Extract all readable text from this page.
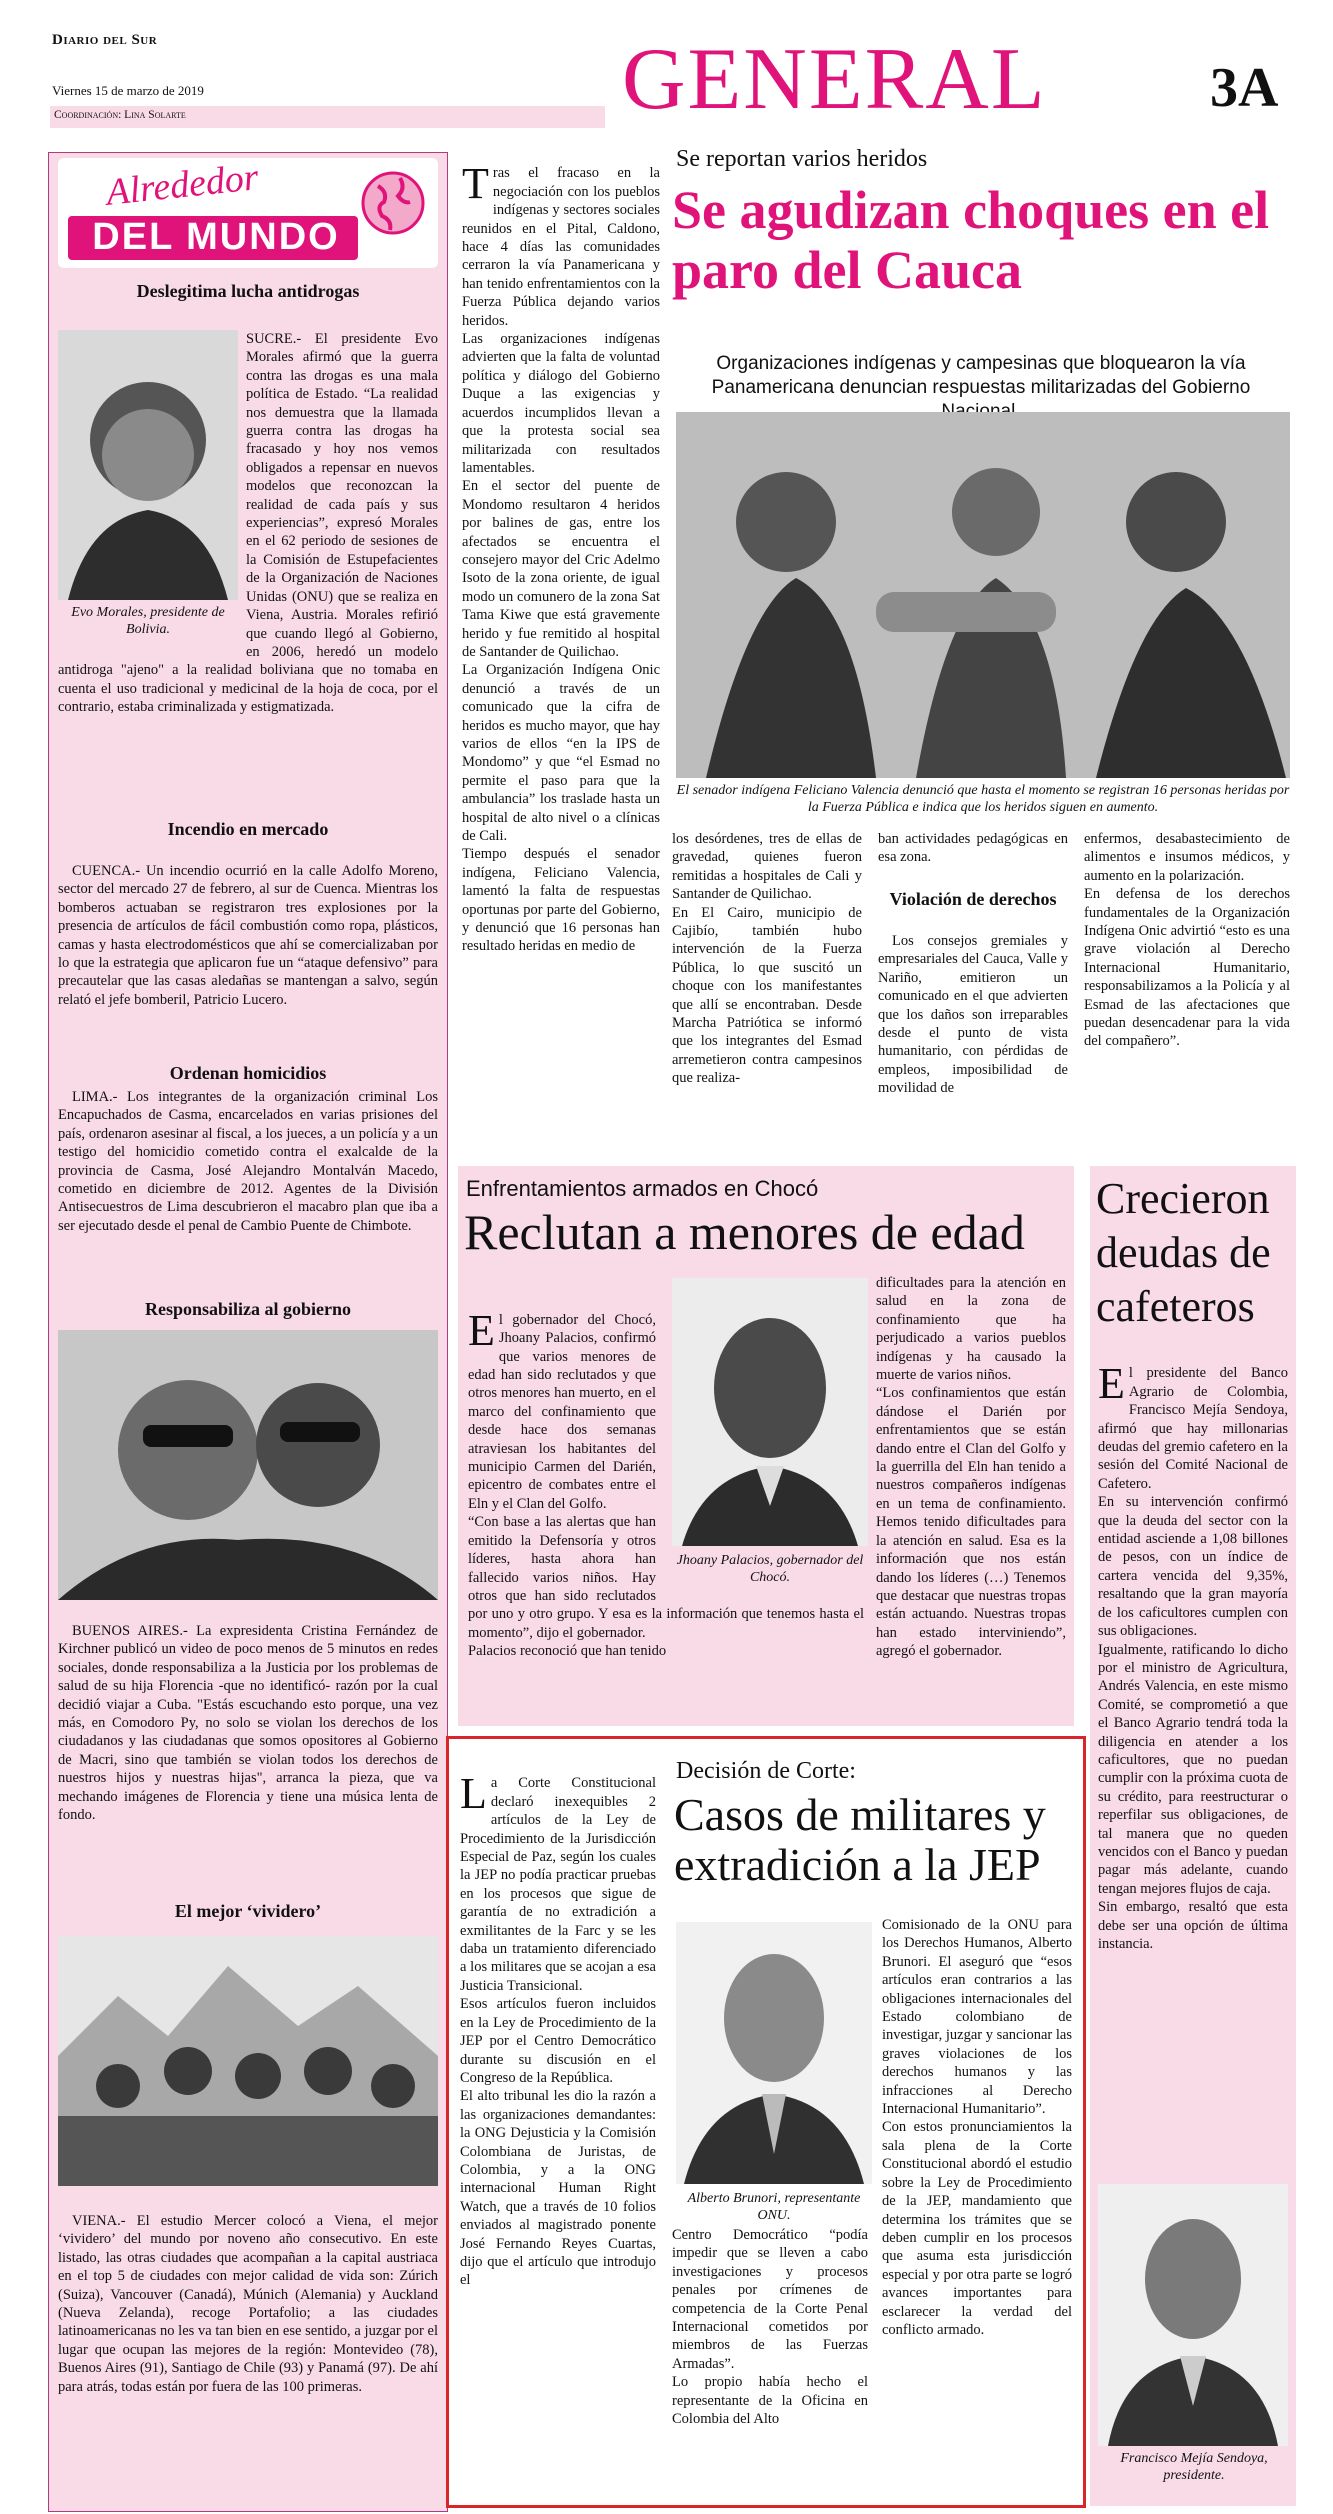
Diario del Sur
Viernes 15 de marzo de 2019
Coordinación: Lina Solarte	GENERAL	3A
Alrededor
DEL MUNDO
Deslegitima lucha antidrogas
Evo Morales, presidente de Bolivia.
SUCRE.- El presidente Evo Morales afirmó que la guerra contra las drogas es una mala política de Estado. “La realidad nos demuestra que la llamada guerra contra las drogas ha fracasado y hoy nos vemos obligados a repensar en nuevos modelos que reconozcan la realidad de cada país y sus experiencias”, expresó Morales en el 62 periodo de sesiones de la Comisión de Estupefacientes de la Organización de Naciones Unidas (ONU) que se realiza en Viena, Austria. Morales refirió que cuando llegó al Gobierno, en 2006, heredó un modelo antidroga "ajeno" a la realidad boliviana que no tomaba en cuenta el uso tradicional y medicinal de la hoja de coca, por el contrario, estaba criminalizada y estigmatizada.
Incendio en mercado
CUENCA.- Un incendio ocurrió en la calle Adolfo Moreno, sector del mercado 27 de febrero, al sur de Cuenca. Mientras los bomberos actuaban se registraron tres explosiones por la presencia de artículos de fácil combustión como ropa, plásticos, camas y hasta electrodomésticos que ahí se comercializaban por lo que la estrategia que aplicaron fue un “ataque defensivo” para precautelar que las casas aledañas se mantengan a salvo, según relató el jefe bomberil, Patricio Lucero.
Ordenan homicidios
LIMA.- Los integrantes de la organización criminal Los Encapuchados de Casma, encarcelados en varias prisiones del país, ordenaron asesinar al fiscal, a los jueces, a un policía y a un testigo del homicidio cometido contra el exalcalde de la provincia de Casma, José Alejandro Montalván Macedo, cometido en diciembre de 2012. Agentes de la División Antisecuestros de Lima descubrieron el macabro plan que iba a ser ejecutado desde el penal de Cambio Puente de Chimbote.
Responsabiliza al gobierno
BUENOS AIRES.- La expresidenta Cristina Fernández de Kirchner publicó un video de poco menos de 5 minutos en redes sociales, donde responsabiliza a la Justicia por los problemas de salud de su hija Florencia -que no identificó- razón por la cual decidió viajar a Cuba. "Estás escuchando esto porque, una vez más, en Comodoro Py, no solo se violan los derechos de los ciudadanos y las ciudadanas que somos opositores al Gobierno de Macri, sino que también se violan todos los derechos de nuestros hijos y nuestras hijas", arranca la pieza, que va mechando imágenes de Florencia y tiene una música lenta de fondo.
El mejor ‘vividero’
VIENA.- El estudio Mercer colocó a Viena, el mejor ‘vividero’ del mundo por noveno año consecutivo. En este listado, las otras ciudades que acompañan a la capital austriaca en el top 5 de ciudades con mejor calidad de vida son: Zúrich (Suiza), Vancouver (Canadá), Múnich (Alemania) y Auckland (Nueva Zelanda), recoge Portafolio; a las ciudades latinoamericanas no les va tan bien en ese sentido, a juzgar por el lugar que ocupan las mejores de la región: Montevideo (78), Buenos Aires (91), Santiago de Chile (93) y Panamá (97). De ahí para atrás, todas están por fuera de las 100 primeras.
Se reportan varios heridos
Se agudizan choques en el paro del Cauca
Organizaciones indígenas y campesinas que bloquearon la vía Panamericana denuncian respuestas militarizadas del Gobierno
El senador indígena Feliciano Valencia denunció que hasta el momento se registran 16 personas heridas por la Fuerza Pública e indica que los heridos siguen en aumento.

Tras el fracaso en la negociación con los pueblos indígenas y sectores sociales reunidos en el Pital, Caldono, hace 4 días las comunidades cerraron la vía Panamericana y han tenido enfrentamientos con la Fuerza Pública dejando varios heridos.
Las organizaciones indígenas advierten que la falta de voluntad política y diálogo del Gobierno Duque a las exigencias y acuerdos incumplidos llevan a que la protesta social sea militarizada con resultados lamentables.
En el sector del puente de Mondomo resultaron 4 heridos por balines de gas, entre los afectados se encuentra el consejero mayor del Cric Adelmo Isoto de la zona oriente, de igual modo un comunero de la zona Sat Tama Kiwe que está gravemente herido y fue remitido al hospital de Santander de Quilichao.
La Organización Indígena Onic denunció a través de un comunicado que la cifra de heridos es mucho mayor, que hay varios de ellos “en la IPS de Mondomo” y que “el Esmad no permite el paso para que la ambulancia” los traslade hasta un hospital de alto nivel o a clínicas de Cali.
Tiempo después el senador indígena, Feliciano Valencia, lamentó la falta de respuestas oportunas por parte del Gobierno, y denunció que 16 personas han resultado heridas en medio de

los desórdenes, tres de ellas de gravedad, quienes fueron remitidas a hospitales de Cali y Santander de Quilichao.
En El Cairo, municipio de Cajibío, también hubo intervención de la Fuerza Pública, lo que suscitó un choque con los manifestantes que allí se encontraban. Desde Marcha Patriótica se informó que los integrantes del Esmad arremetieron contra campesinos que realiza-
ban actividades pedagógicas en esa zona.
Violación de derechos
Los consejos gremiales y empresariales del Cauca, Valle y Nariño, emitieron un comunicado en el que advierten que los daños son irreparables desde el punto de vista humanitario, con pérdidas de empleos, imposibilidad de movilidad de
enfermos, desabastecimiento de alimentos e insumos médicos, y aumento en la polarización.
En defensa de los derechos fundamentales de la Organización Indígena Onic advirtió “esto es una grave violación al Derecho Internacional Humanitario, responsabilizamos a la Policía y al Esmad de las afectaciones que puedan desencadenar para la vida del compañero”.
Enfrentamientos armados en Chocó
Reclutan a menores de edad
Jhoany Palacios, gobernador del Chocó.

El gobernador del Chocó, Jhoany Palacios, confirmó que varios menores de edad han sido reclutados y que otros menores han muerto, en el marco del confinamiento que desde hace dos semanas atraviesan los habitantes del municipio Carmen del Darién, epicentro de combates entre el Eln y el Clan del Golfo.
“Con base a las alertas que han emitido la Defensoría y otros líderes, hasta ahora han fallecido varios niños. Hay otros que han sido reclutados por uno y otro grupo. Y esa es la información que tenemos hasta el momento”, dijo el gobernador.
Palacios reconoció que han tenido

dificultades para la atención en salud en la zona de confinamiento que ha perjudicado a varios pueblos indígenas y ha causado la muerte de varios niños.
“Los confinamientos que están dándose el Darién por enfrentamientos que se están dando entre el Clan del Golfo y la guerrilla del Eln han tenido a nuestros compañeros indígenas en un tema de confinamiento. Hemos tenido dificultades para la atención en salud. Esa es la información que nos están dando los líderes (…) Tenemos que destacar que nuestras tropas están actuando. Nuestras tropas han estado interviniendo”, agregó el gobernador.
Crecieron deudas de cafeteros

El presidente del Banco Agrario de Colombia, Francisco Mejía Sendoya, afirmó que hay millonarias deudas del gremio cafetero en la sesión del Comité Nacional de Cafetero.
En su intervención confirmó que la deuda del sector con la entidad asciende a 1,08 billones de pesos, con un índice de cartera vencida del 9,35%, resaltando que la gran mayoría de los caficultores cumplen con sus obligaciones.
Igualmente, ratificando lo dicho por el ministro de Agricultura, Andrés Valencia, en este mismo Comité, se comprometió a que el Banco Agrario tendrá toda la diligencia en atender a los caficultores, que no puedan cumplir con la próxima cuota de su crédito, para reestructurar o reperfilar sus obligaciones, de tal manera que no queden vencidos con el Banco y puedan pagar más adelante, cuando tengan mejores flujos de caja.
Sin embargo, resaltó que esta debe ser una opción de última instancia.

Francisco Mejía Sendoya, presidente.

La Corte Constitucional declaró inexequibles 2 artículos de la Ley de Procedimiento de la Jurisdicción Especial de Paz, según los cuales la JEP no podía practicar pruebas en los procesos que sigue de garantía de no extradición a exmilitantes de la Farc y se les daba un tratamiento diferenciado a los militares que se acojan a esa Justicia Transicional.
Esos artículos fueron incluidos en la Ley de Procedimiento de la JEP por el Centro Democrático durante su discusión en el Congreso de la República.
El alto tribunal les dio la razón a las organizaciones demandantes: la ONG Dejusticia y la Comisión Colombiana de Juristas, de Colombia, y a la ONG internacional Human Right Watch, que a través de 10 folios enviados al magistrado ponente José Fernando Reyes Cuartas, dijo que el artículo que introdujo el

Decisión de Corte:
Casos de militares y extradición a la JEP
Alberto Brunori, representante ONU.
Centro Democrático “podía impedir que se lleven a cabo investigaciones y procesos penales por crímenes de competencia de la Corte Penal Internacional cometidos por miembros de las Fuerzas Armadas”.
Lo propio había hecho el representante de la Oficina en Colombia del Alto
Comisionado de la ONU para los Derechos Humanos, Alberto Brunori. El aseguró que “esos artículos eran contrarios a las obligaciones internacionales del Estado colombiano de investigar, juzgar y sancionar las graves violaciones de los derechos humanos y las infracciones al Derecho Internacional Humanitario”.
Con estos pronunciamientos la sala plena de la Corte Constitucional abordó el estudio sobre la Ley de Procedimiento de la JEP, mandamiento que determina los trámites que se deben cumplir en los procesos que asuma esta jurisdicción especial y por otra parte se logró avances importantes para esclarecer la verdad del conflicto armado.
